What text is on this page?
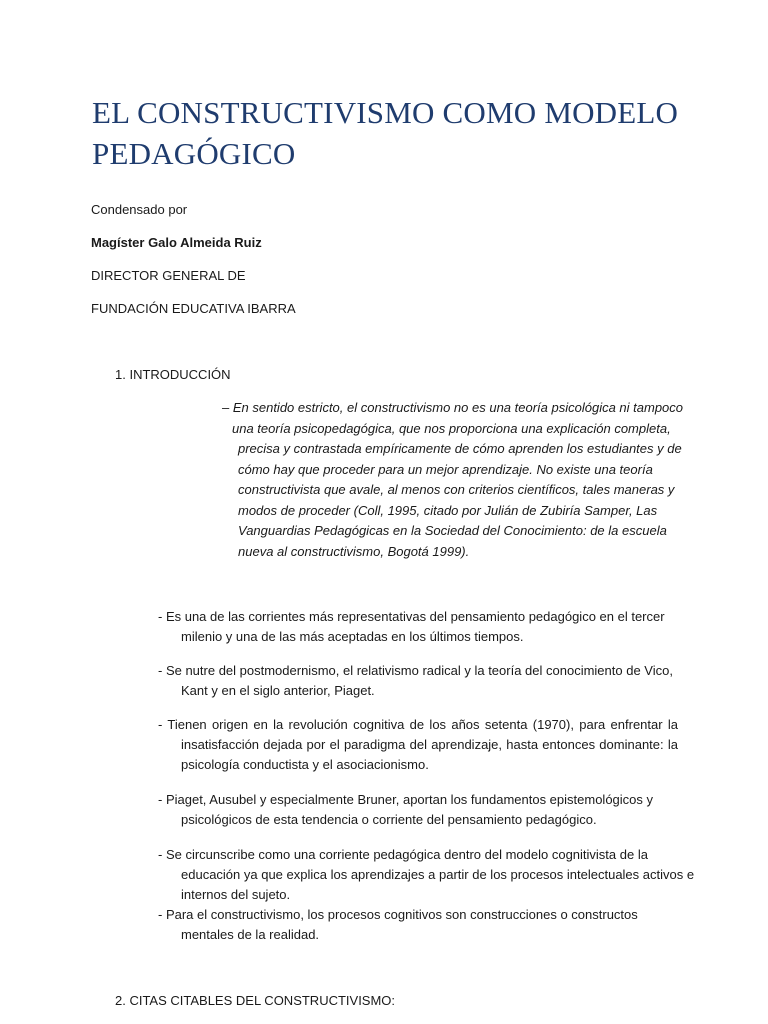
EL CONSTRUCTIVISMO COMO MODELO
PEDAGÓGICO
Condensado por
Magíster Galo Almeida Ruiz
DIRECTOR GENERAL DE
FUNDACIÓN EDUCATIVA IBARRA
1. INTRODUCCIÓN
– En sentido estricto, el constructivismo no es una teoría psicológica ni tampoco
una teoría psicopedagógica, que nos proporciona una explicación completa,
precisa y contrastada empíricamente de cómo aprenden los estudiantes y de
cómo hay que proceder para un mejor aprendizaje. No existe una teoría
constructivista que avale, al menos con criterios científicos, tales maneras y
modos de proceder (Coll, 1995, citado por Julián de Zubiría Samper, Las
Vanguardias Pedagógicas en la Sociedad del Conocimiento: de la escuela
nueva al constructivismo, Bogotá 1999).
- Es una de las corrientes más representativas del pensamiento pedagógico en el tercer
milenio y una de las más aceptadas en los últimos tiempos.
- Se nutre del postmodernismo, el relativismo radical y la teoría del conocimiento de Vico,
Kant y en el siglo anterior, Piaget.
- Tienen origen en la revolución cognitiva de los años setenta (1970), para enfrentar la
insatisfacción dejada por el paradigma del aprendizaje, hasta entonces dominante: la
psicología conductista y el asociacionismo.
- Piaget, Ausubel y especialmente Bruner, aportan los fundamentos epistemológicos y
psicológicos de esta tendencia o corriente del pensamiento pedagógico.
- Se circunscribe como una corriente pedagógica dentro del modelo cognitivista de la
educación ya que explica los aprendizajes a partir de los procesos intelectuales activos e
internos del sujeto.
- Para el constructivismo, los procesos cognitivos son construcciones o constructos
mentales de la realidad.
2. CITAS CITABLES DEL CONSTRUCTIVISMO:
